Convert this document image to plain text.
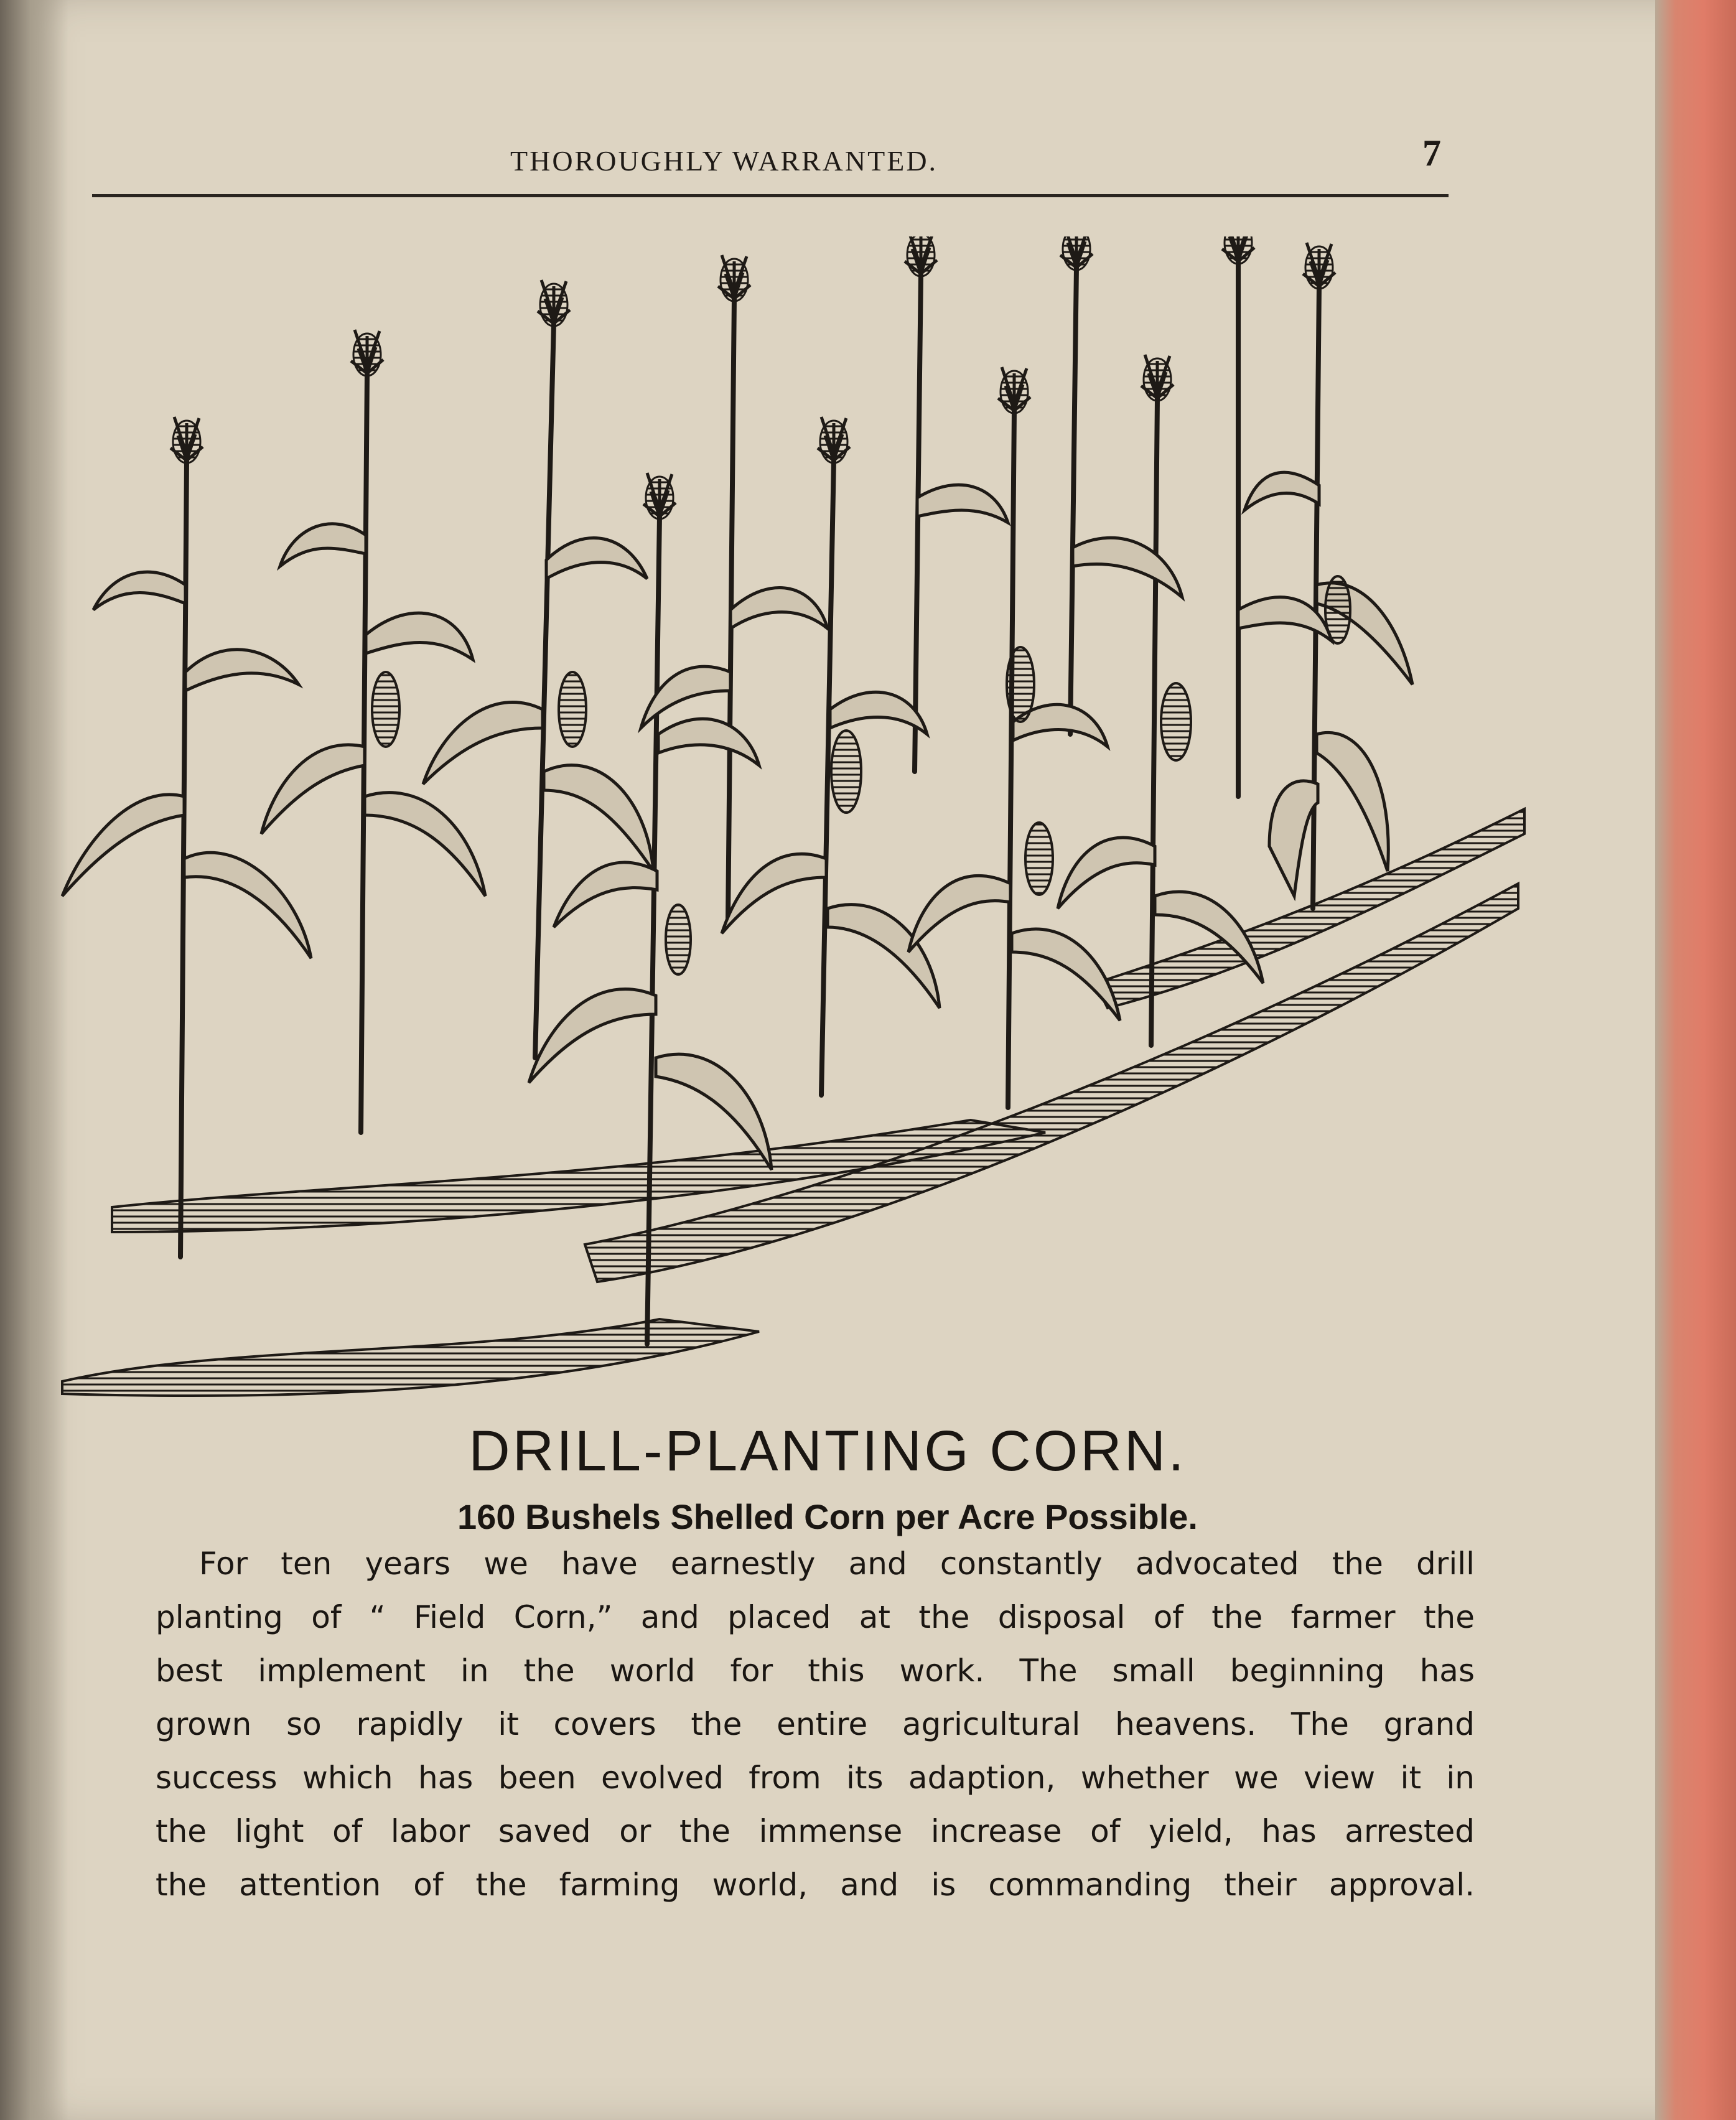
THOROUGHLY WARRANTED.	7
DRILL-PLANTING CORN.
160 Bushels Shelled Corn per Acre Possible.
For ten years we have earnestly and constantly advocated the drill
planting of “ Field Corn,” and placed at the disposal of the farmer the
best implement in the world for this work. The small beginning has
grown so rapidly it covers the entire agricultural heavens. The grand
success which has been evolved from its adaption, whether we view it in
the light of labor saved or the immense increase of yield, has arrested
the attention of the farming world, and is commanding their approval.
